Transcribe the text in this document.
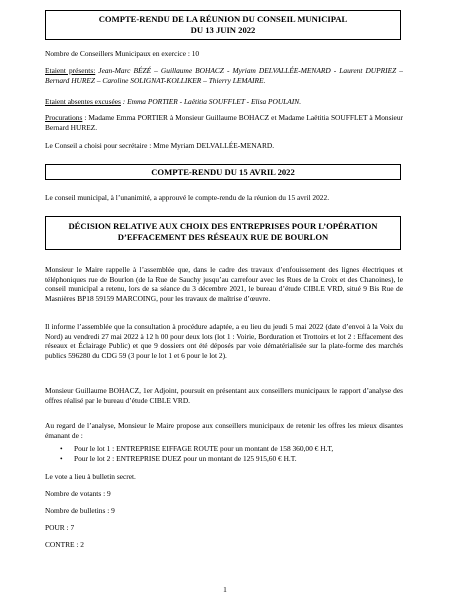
COMPTE-RENDU DE LA RÉUNION DU CONSEIL MUNICIPAL
DU 13 JUIN 2022
Nombre de Conseillers Municipaux en exercice : 10
Etaient présents: Jean-Marc BÉZÉ – Guillaume BOHACZ - Myriam DELVALLÉE-MENARD - Laurent DUPRIEZ – Bernard HUREZ – Caroline SOLIGNAT-KOLLIKER – Thierry LEMAIRE.
Etaient absentes excusées : Emma PORTIER - Laëtitia SOUFFLET - Elisa POULAIN.
Procurations : Madame Emma PORTIER à Monsieur Guillaume BOHACZ et Madame Laëtitia SOUFFLET à Monsieur Bernard HUREZ.
Le Conseil a choisi pour secrétaire : Mme Myriam DELVALLÉE-MENARD.
COMPTE-RENDU DU 15 AVRIL 2022
Le conseil municipal, à l’unanimité, a approuvé le compte-rendu de la réunion du 15 avril 2022.
DÉCISION RELATIVE AUX CHOIX DES ENTREPRISES POUR L’OPÉRATION
D’EFFACEMENT DES RÉSEAUX RUE DE BOURLON
Monsieur le Maire rappelle à l’assemblée que, dans le cadre des travaux d’enfouissement des lignes électriques et téléphoniques rue de Bourlon (de la Rue de Sauchy jusqu’au carrefour avec les Rues de la Croix et des Chanoines), le conseil municipal a retenu, lors de sa séance du 3 décembre 2021, le bureau d’étude CIBLE VRD, situé 9 Bis Rue de Masnières BP18 59159 MARCOING, pour les travaux de maîtrise d’œuvre.
Il informe l’assemblée que la consultation à procédure adaptée, a eu lieu du jeudi 5 mai 2022 (date d’envoi à la Voix du Nord) au vendredi 27 mai 2022 à 12 h 00 pour deux lots (lot 1 : Voirie, Borduration et Trottoirs et lot 2 : Effacement des réseaux et Éclairage Public) et que 9 dossiers ont été déposés par voie dématérialisée sur la plate-forme des marchés publics 596280 du CDG 59 (3 pour le lot 1 et 6 pour le lot 2).
Monsieur Guillaume BOHACZ, 1er Adjoint, poursuit en présentant aux conseillers municipaux le rapport d’analyse des offres réalisé par le bureau d’étude CIBLE VRD.
Au regard de l’analyse, Monsieur le Maire propose aux conseillers municipaux de retenir les offres les mieux disantes émanant de :
• Pour le lot 1 : ENTREPRISE EIFFAGE ROUTE pour un montant de 158 360,00 € H.T,
• Pour le lot 2 : ENTREPRISE DUEZ pour un montant de 125 915,60 € H.T.
Le vote a lieu à bulletin secret.
Nombre de votants : 9
Nombre de bulletins : 9
POUR : 7
CONTRE : 2
1
